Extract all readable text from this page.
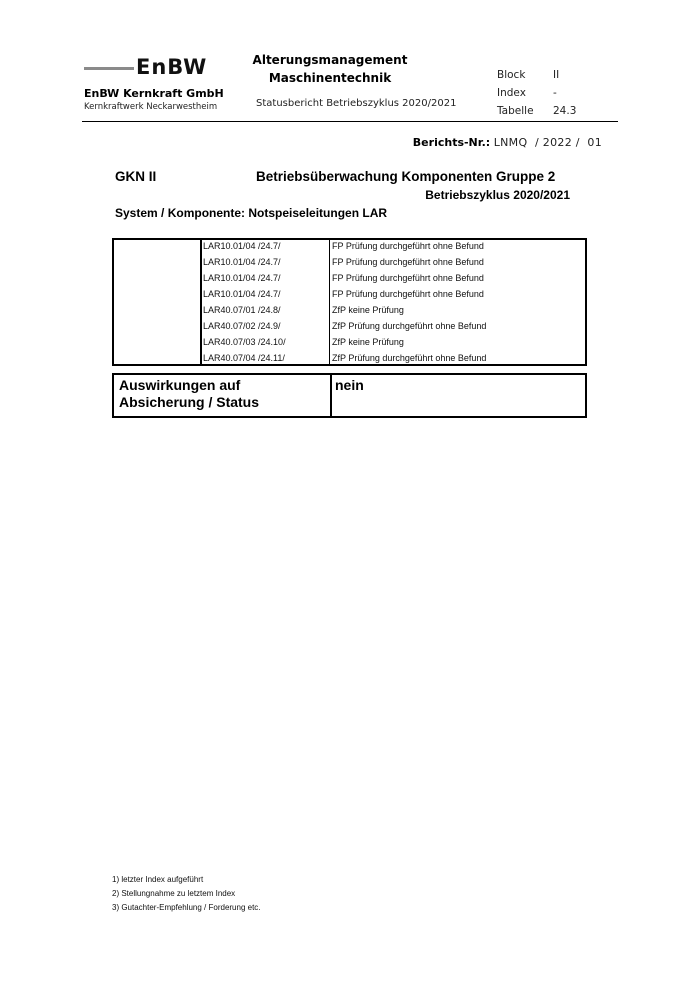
EnBW
EnBW Kernkraft GmbH
Kernkraftwerk Neckarwestheim
Alterungsmanagement
Maschinentechnik
Statusbericht Betriebszyklus 2020/2021
Block	II
Index	-
Tabelle 24.3
Berichts-Nr.: LNMQ  / 2022 /  01
GKN II	Betriebsüberwachung Komponenten Gruppe 2
Betriebszyklus 2020/2021
System / Komponente: Notspeiseleitungen LAR
LAR10.01/04 /24.7/	FP Prüfung durchgeführt ohne Befund
LAR10.01/04 /24.7/	FP Prüfung durchgeführt ohne Befund
LAR10.01/04 /24.7/	FP Prüfung durchgeführt ohne Befund
LAR10.01/04 /24.7/	FP Prüfung durchgeführt ohne Befund
LAR40.07/01 /24.8/	ZfP keine Prüfung
LAR40.07/02 /24.9/	ZfP Prüfung durchgeführt ohne Befund
LAR40.07/03 /24.10/	ZfP keine Prüfung
LAR40.07/04 /24.11/	ZfP Prüfung durchgeführt ohne Befund
Auswirkungen auf
Absicherung / Status
nein
1) letzter Index aufgeführt
2) Stellungnahme zu letztem Index
3) Gutachter-Empfehlung / Forderung etc.
